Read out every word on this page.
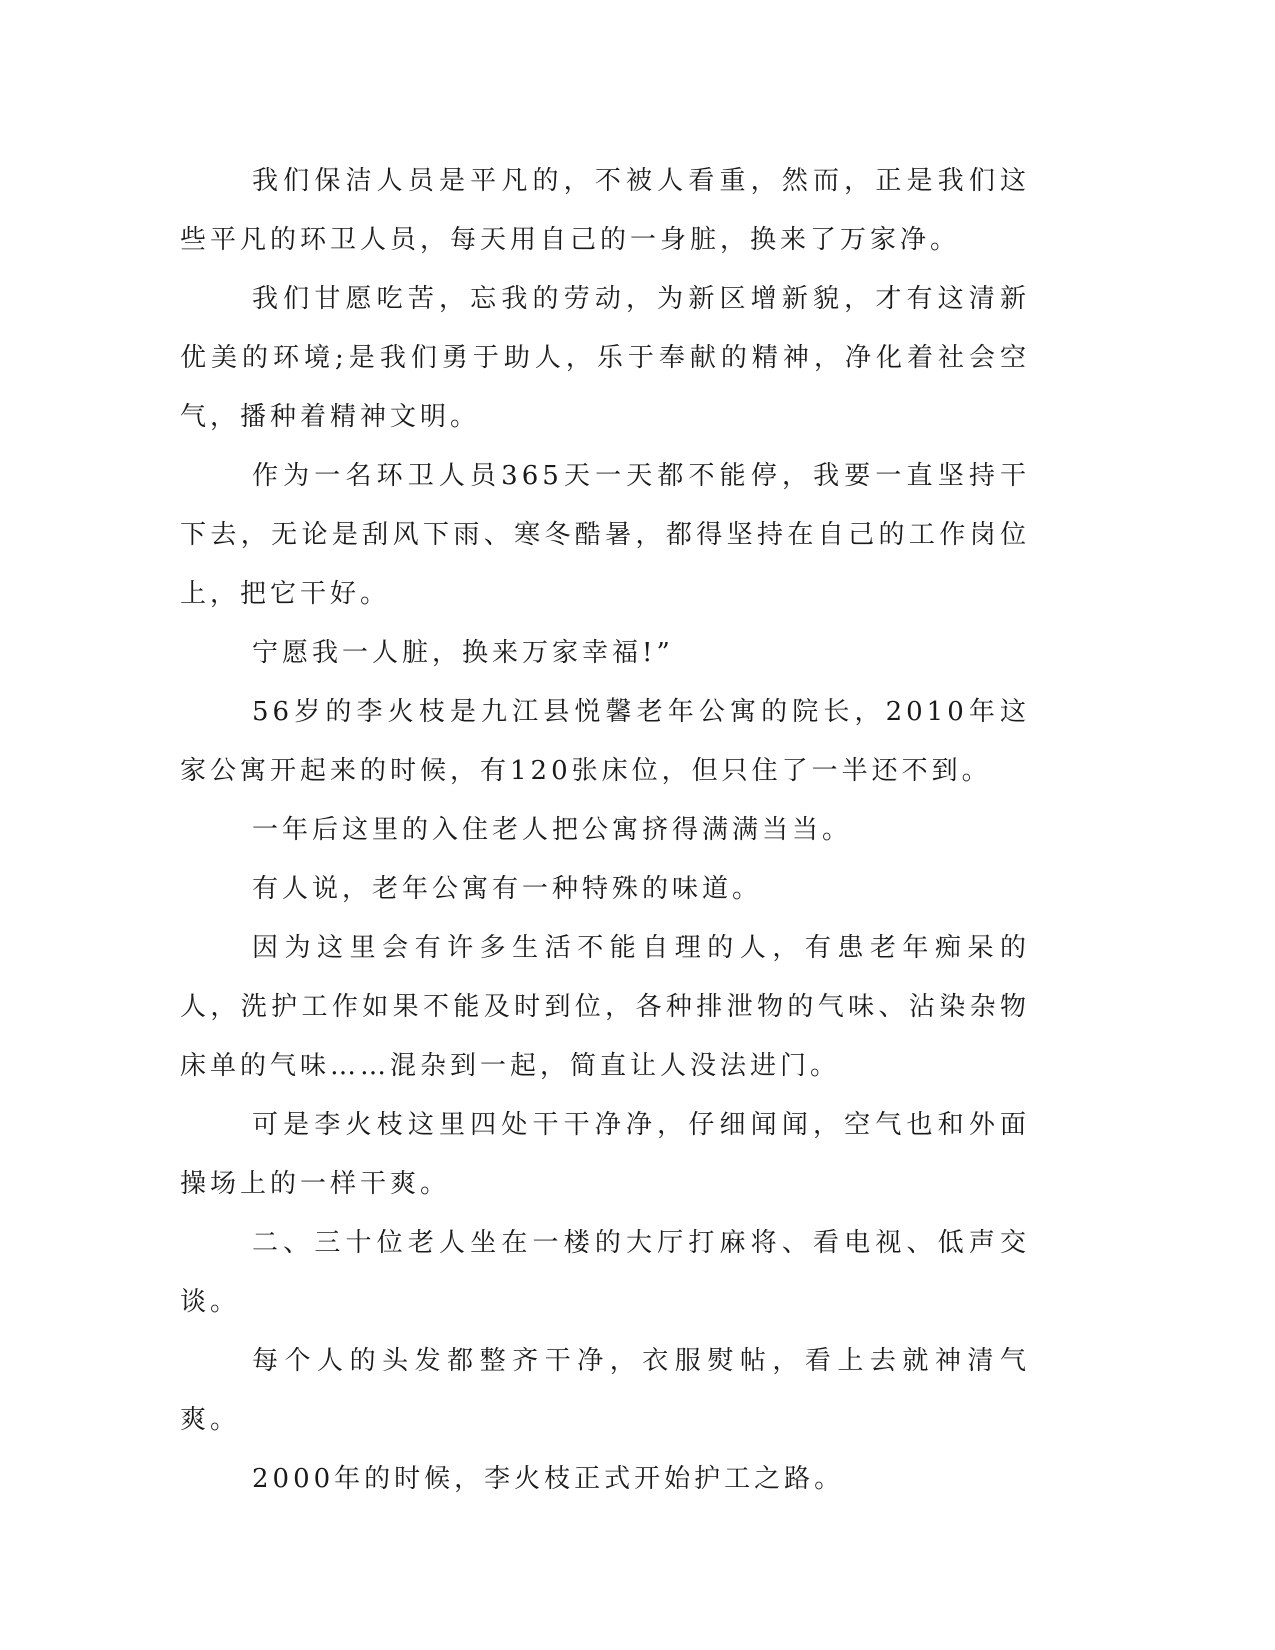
我们保洁人员是平凡的，不被人看重，然而，正是我们这些平凡的环卫人员，每天用自己的一身脏，换来了万家净。

我们甘愿吃苦，忘我的劳动，为新区增新貌，才有这清新优美的环境;是我们勇于助人，乐于奉献的精神，净化着社会空气，播种着精神文明。

作为一名环卫人员365天一天都不能停，我要一直坚持干下去，无论是刮风下雨、寒冬酷暑，都得坚持在自己的工作岗位上，把它干好。

宁愿我一人脏，换来万家幸福!”

56岁的李火枝是九江县悦馨老年公寓的院长，2010年这家公寓开起来的时候，有120张床位，但只住了一半还不到。

一年后这里的入住老人把公寓挤得满满当当。

有人说，老年公寓有一种特殊的味道。

因为这里会有许多生活不能自理的人，有患老年痴呆的人，洗护工作如果不能及时到位，各种排泄物的气味、沾染杂物床单的气味……混杂到一起，简直让人没法进门。

可是李火枝这里四处干干净净，仔细闻闻，空气也和外面操场上的一样干爽。

二、三十位老人坐在一楼的大厅打麻将、看电视、低声交谈。

每个人的头发都整齐干净，衣服熨帖，看上去就神清气爽。

2000年的时候，李火枝正式开始护工之路。
